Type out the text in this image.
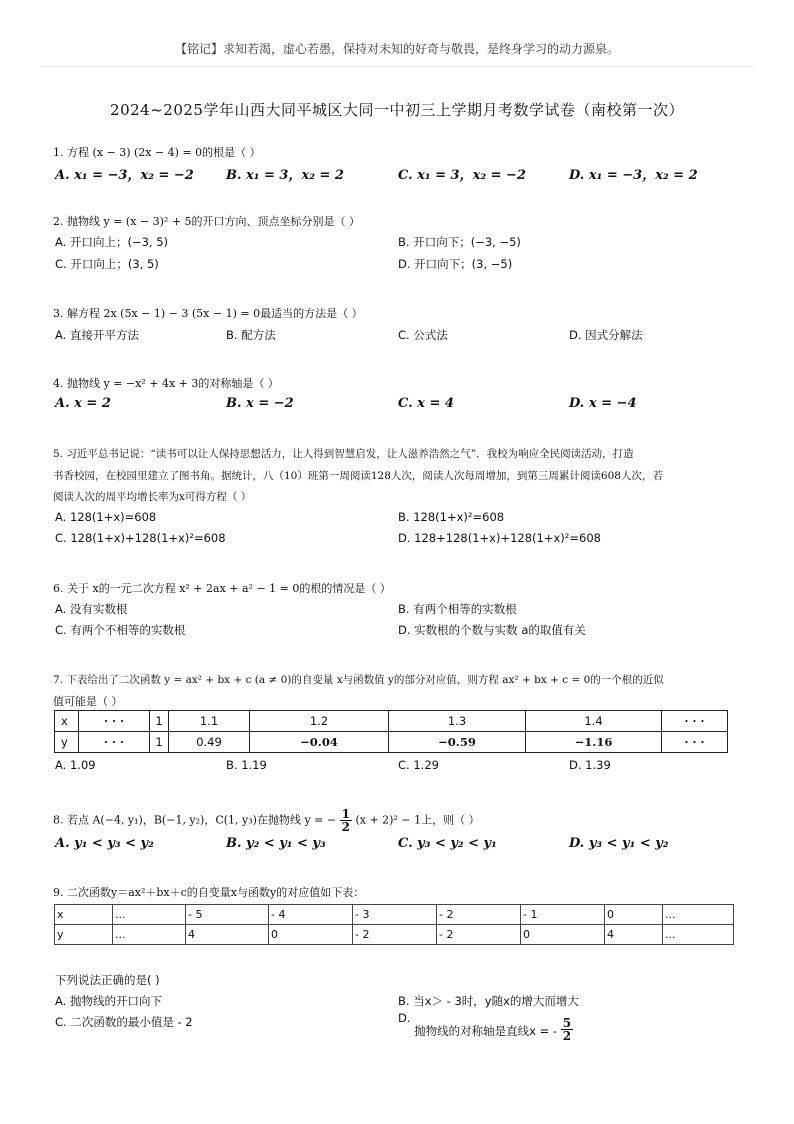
【铭记】求知若渴，虚心若愚，保持对未知的好奇与敬畏，是终身学习的动力源泉。
2024~2025学年山西大同平城区大同一中初三上学期月考数学试卷（南校第一次）
1. 方程 (x − 3) (2x − 4) = 0的根是（ ）
A. x₁ = −3，x₂ = −2 B. x₁ = 3，x₂ = 2	C. x₁ = 3，x₂ = −2	D. x₁ = −3，x₂ = 2
2. 抛物线 y = (x − 3)² + 5的开口方向、顶点坐标分别是（ ）
A. 开口向上；(−3, 5)	B. 开口向下；(−3, −5)
C. 开口向上；(3, 5)	D. 开口向下；(3, −5)
3. 解方程 2x (5x − 1) − 3 (5x − 1) = 0最适当的方法是（ ）
A. 直接开平方法	B. 配方法	C. 公式法	D. 因式分解法
4. 抛物线 y = −x² + 4x + 3的对称轴是（ ）
A. x = 2	B. x = −2	C. x = 4	D. x = −4
5. 习近平总书记说：“读书可以让人保持思想活力，让人得到智慧启发，让人滋养浩然之气”．我校为响应全民阅读活动，打造
书香校园，在校园里建立了图书角。据统计，八（10）班第一周阅读128人次，阅读人次每周增加，到第三周累计阅读608人次，若
阅读人次的周平均增长率为x可得方程（ ）
A. 128(1+x)=608	B. 128(1+x)²=608
C. 128(1+x)+128(1+x)²=608	D. 128+128(1+x)+128(1+x)²=608
6. 关于 x的一元二次方程 x² + 2ax + a² − 1 = 0的根的情况是（ ）
A. 没有实数根	B. 有两个相等的实数根
C. 有两个不相等的实数根	D. 实数根的个数与实数 a的取值有关
7. 下表给出了二次函数 y = ax² + bx + c (a ≠ 0)的自变量 x与函数值 y的部分对应值，则方程 ax² + bx + c = 0的一个根的近似
值可能是（ ）
x	· · ·	1	1.1	1.2	1.3	1.4	· · ·
y	· · ·	1	0.49	−0.04	−0.59	−1.16	· · ·
A. 1.09	B. 1.19	C. 1.29	D. 1.39
8. 若点 A(−4, y₁)，B(−1, y₂)，C(1, y₃)在抛物线 y = − $\frac{1}{2} (x + 2)^2 - 1$上，则（ ）
A. y₁ < y₃ < y₂	B. y₂ < y₁ < y₃	C. y₃ < y₂ < y₁	D. y₃ < y₁ < y₂
9. 二次函数y＝ax²＋bx＋c的自变量x与函数y的对应值如下表：
x	...	- 5	- 4	- 3	- 2	- 1	0	...
y	...	4	0	- 2	- 2	0	4	...
下列说法正确的是( )
A. 抛物线的开口向下	B. 当x＞ - 3时，y随x的增大而增大
C. 二次函数的最小值是 - 2	D. 抛物线的对称轴是直线x = - $\frac{5}{2}$
